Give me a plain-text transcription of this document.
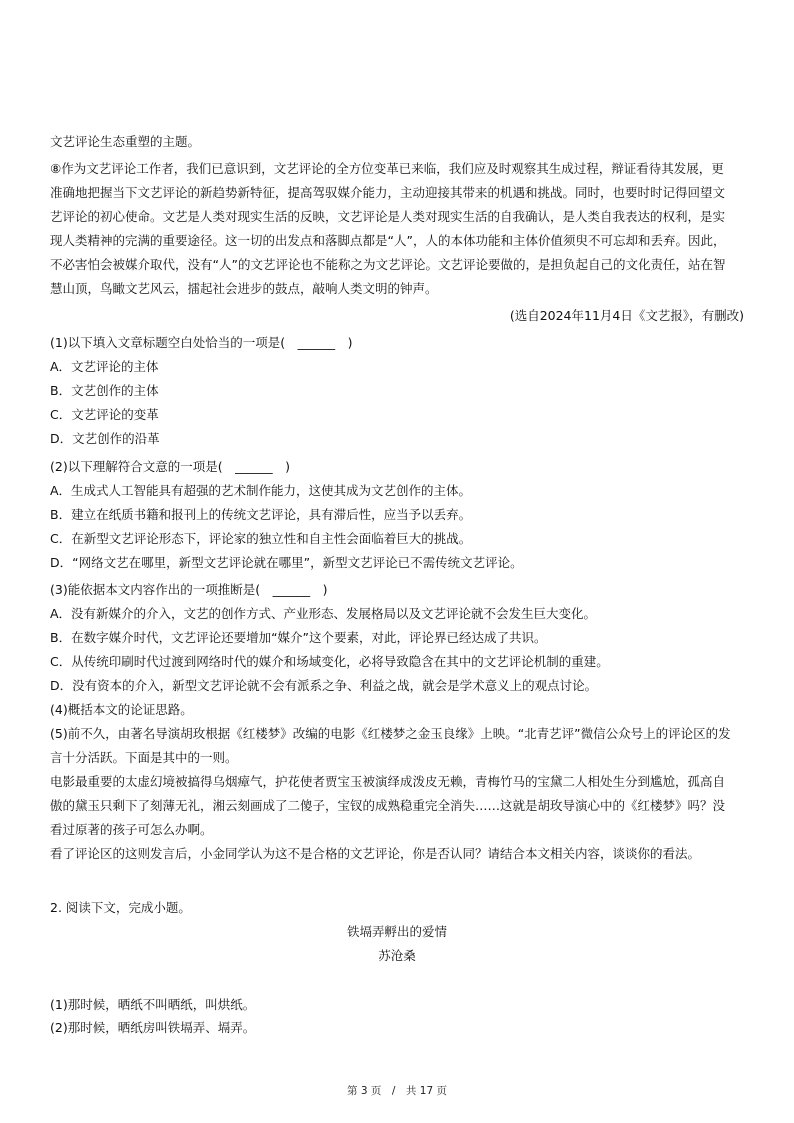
文艺评论生态重塑的主题。

⑧作为文艺评论工作者，我们已意识到，文艺评论的全方位变革已来临，我们应及时观察其生成过程，辩证看待其发展，更
准确地把握当下文艺评论的新趋势新特征，提高驾驭媒介能力，主动迎接其带来的机遇和挑战。同时，也要时时记得回望文
艺评论的初心使命。文艺是人类对现实生活的反映，文艺评论是人类对现实生活的自我确认，是人类自我表达的权利，是实
现人类精神的完满的重要途径。这一切的出发点和落脚点都是“人”，人的本体功能和主体价值须臾不可忘却和丢弃。因此，
不必害怕会被媒介取代，没有“人”的文艺评论也不能称之为文艺评论。文艺评论要做的，是担负起自己的文化责任，站在智
慧山顶，鸟瞰文艺风云，擂起社会进步的鼓点，敲响人类文明的钟声。

(选自2024年11月4日《文艺报》，有删改)

(1)以下填入文章标题空白处恰当的一项是(　______　)
A．文艺评论的主体
B．文艺创作的主体
C．文艺评论的变革
D．文艺创作的沿革
(2)以下理解符合文意的一项是(　______　)
A．生成式人工智能具有超强的艺术制作能力，这使其成为文艺创作的主体。
B．建立在纸质书籍和报刊上的传统文艺评论，具有滞后性，应当予以丢弃。
C．在新型文艺评论形态下，评论家的独立性和自主性会面临着巨大的挑战。
D．“网络文艺在哪里，新型文艺评论就在哪里”，新型文艺评论已不需传统文艺评论。
(3)能依据本文内容作出的一项推断是(　______　)
A．没有新媒介的介入，文艺的创作方式、产业形态、发展格局以及文艺评论就不会发生巨大变化。
B．在数字媒介时代，文艺评论还要增加“媒介”这个要素，对此，评论界已经达成了共识。
C．从传统印刷时代过渡到网络时代的媒介和场域变化，必将导致隐含在其中的文艺评论机制的重建。
D．没有资本的介入，新型文艺评论就不会有派系之争、利益之战，就会是学术意义上的观点讨论。
(4)概括本文的论证思路。
(5)前不久，由著名导演胡玫根据《红楼梦》改编的电影《红楼梦之金玉良缘》上映。“北青艺评”微信公众号上的评论区的发
言十分活跃。下面是其中的一则。
电影最重要的太虚幻境被搞得乌烟瘴气，护花使者贾宝玉被演绎成泼皮无赖，青梅竹马的宝黛二人相处生分到尴尬，孤高自
傲的黛玉只剩下了刻薄无礼，湘云刻画成了二傻子，宝钗的成熟稳重完全消失……这就是胡玫导演心中的《红楼梦》吗？没
看过原著的孩子可怎么办啊。
看了评论区的这则发言后，小金同学认为这不是合格的文艺评论，你是否认同？请结合本文相关内容，谈谈你的看法。
2. 阅读下文，完成小题。

铁塥弄孵出的爱情

苏沧桑

(1)那时候，晒纸不叫晒纸，叫烘纸。
(2)那时候，晒纸房叫铁塥弄、塥弄。
第 3 页　/　共 17 页
